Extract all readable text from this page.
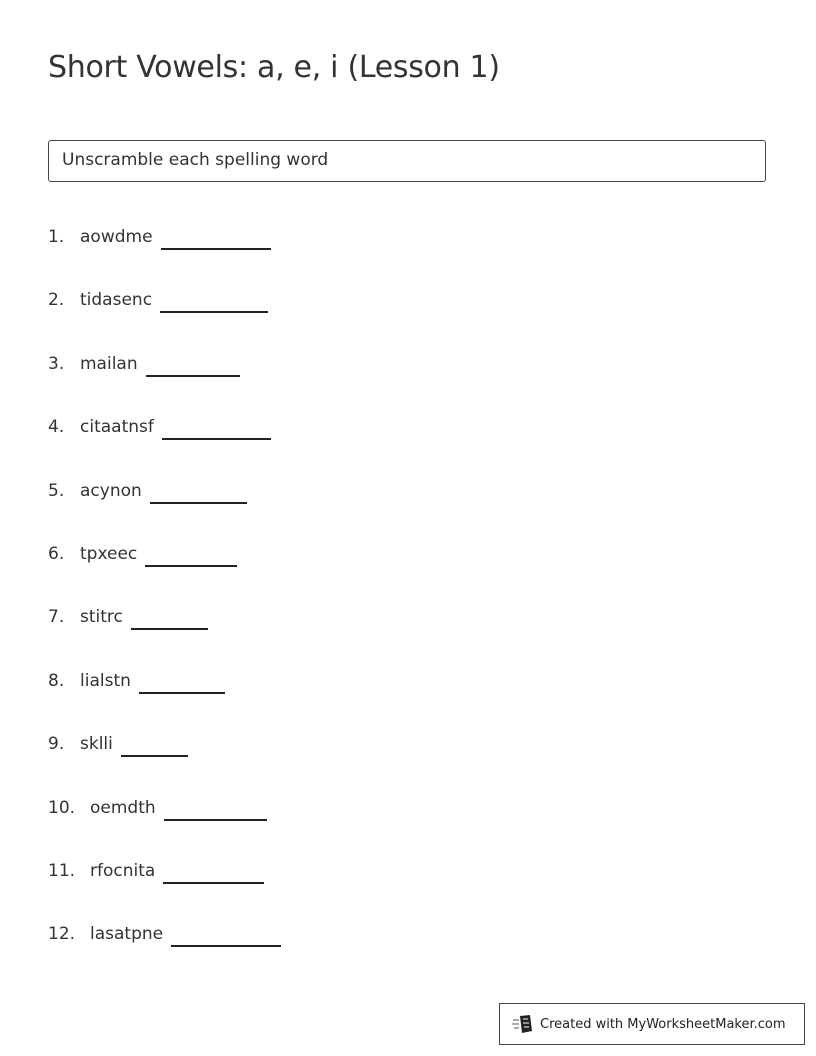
Short Vowels: a, e, i (Lesson 1)
Unscramble each spelling word
1. aowdme
2. tidasenc
3. mailan
4. citaatnsf
5. acynon
6. tpxeec
7. stitrc
8. lialstn
9. sklli
10. oemdth
11. rfocnita
12. lasatpne
Created with MyWorksheetMaker.com
